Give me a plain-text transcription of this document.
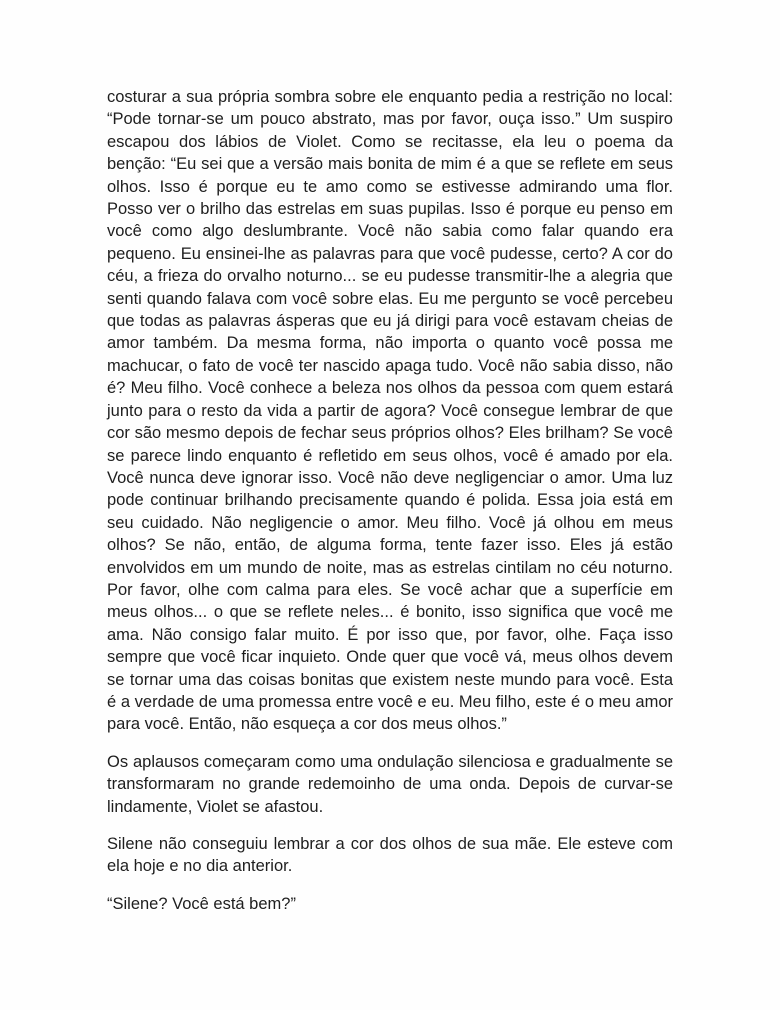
costurar a sua própria sombra sobre ele enquanto pedia a restrição no local: “Pode tornar-se um pouco abstrato, mas por favor, ouça isso.” Um suspiro escapou dos lábios de Violet. Como se recitasse, ela leu o poema da benção: “Eu sei que a versão mais bonita de mim é a que se reflete em seus olhos. Isso é porque eu te amo como se estivesse admirando uma flor. Posso ver o brilho das estrelas em suas pupilas. Isso é porque eu penso em você como algo deslumbrante. Você não sabia como falar quando era pequeno. Eu ensinei-lhe as palavras para que você pudesse, certo? A cor do céu, a frieza do orvalho noturno... se eu pudesse transmitir-lhe a alegria que senti quando falava com você sobre elas. Eu me pergunto se você percebeu que todas as palavras ásperas que eu já dirigi para você estavam cheias de amor também. Da mesma forma, não importa o quanto você possa me machucar, o fato de você ter nascido apaga tudo. Você não sabia disso, não é? Meu filho. Você conhece a beleza nos olhos da pessoa com quem estará junto para o resto da vida a partir de agora? Você consegue lembrar de que cor são mesmo depois de fechar seus próprios olhos? Eles brilham? Se você se parece lindo enquanto é refletido em seus olhos, você é amado por ela. Você nunca deve ignorar isso. Você não deve negligenciar o amor. Uma luz pode continuar brilhando precisamente quando é polida. Essa joia está em seu cuidado. Não negligencie o amor. Meu filho. Você já olhou em meus olhos? Se não, então, de alguma forma, tente fazer isso. Eles já estão envolvidos em um mundo de noite, mas as estrelas cintilam no céu noturno. Por favor, olhe com calma para eles. Se você achar que a superfície em meus olhos... o que se reflete neles... é bonito, isso significa que você me ama. Não consigo falar muito. É por isso que, por favor, olhe. Faça isso sempre que você ficar inquieto. Onde quer que você vá, meus olhos devem se tornar uma das coisas bonitas que existem neste mundo para você. Esta é a verdade de uma promessa entre você e eu. Meu filho, este é o meu amor para você. Então, não esqueça a cor dos meus olhos.”

Os aplausos começaram como uma ondulação silenciosa e gradualmente se transformaram no grande redemoinho de uma onda. Depois de curvar-se lindamente, Violet se afastou.

Silene não conseguiu lembrar a cor dos olhos de sua mãe. Ele esteve com ela hoje e no dia anterior.

“Silene? Você está bem?”
